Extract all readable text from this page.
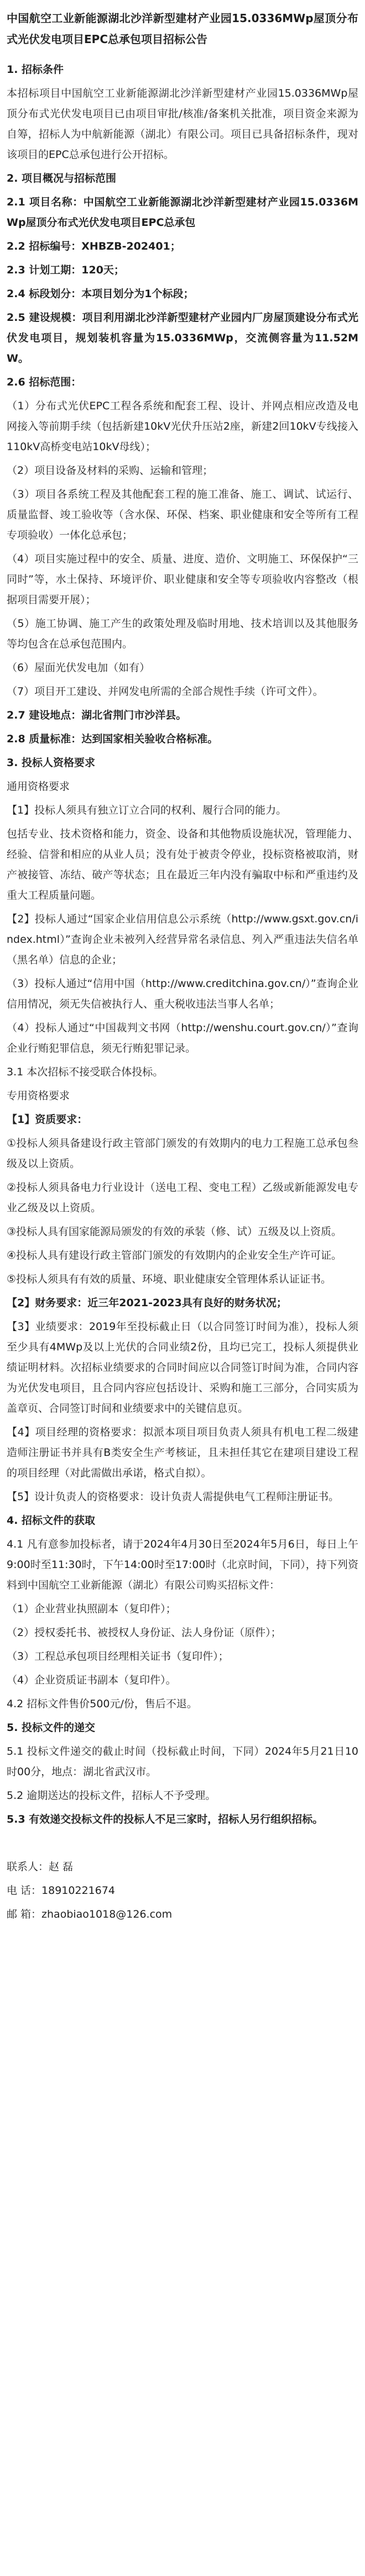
中国航空工业新能源湖北沙洋新型建材产业园15.0336MWp屋顶分布式光伏发电项目EPC总承包项目招标公告
1. 招标条件
本招标项目中国航空工业新能源湖北沙洋新型建材产业园15.0336MWp屋顶分布式光伏发电项目已由项目审批/核准/备案机关批准，项目资金来源为自筹，招标人为中航新能源（湖北）有限公司。项目已具备招标条件，现对该项目的EPC总承包进行公开招标。
2. 项目概况与招标范围
2.1 项目名称：中国航空工业新能源湖北沙洋新型建材产业园15.0336MWp屋顶分布式光伏发电项目EPC总承包
2.2 招标编号：XHBZB-202401；
2.3 计划工期：120天；
2.4 标段划分：本项目划分为1个标段；
2.5 建设规模：项目利用湖北沙洋新型建材产业园内厂房屋顶建设分布式光伏发电项目，规划装机容量为15.0336MWp，交流侧容量为11.52MW。
2.6 招标范围：
（1）分布式光伏EPC工程各系统和配套工程、设计、并网点相应改造及电网接入等前期手续（包括新建10kV光伏升压站2座，新建2回10kV专线接入110kV高桥变电站10kV母线）；
（2）项目设备及材料的采购、运输和管理；
（3）项目各系统工程及其他配套工程的施工准备、施工、调试、试运行、质量监督、竣工验收等（含水保、环保、档案、职业健康和安全等所有工程专项验收）一体化总承包；
（4）项目实施过程中的安全、质量、进度、造价、文明施工、环保保护“三同时”等，水土保持、环境评价、职业健康和安全等专项验收内容整改（根据项目需要开展）；
（5）施工协调、施工产生的政策处理及临时用地、技术培训以及其他服务等均包含在总承包范围内。
（6）屋面光伏发电加（如有）
（7）项目开工建设、并网发电所需的全部合规性手续（许可文件）。
2.7 建设地点：湖北省荆门市沙洋县。
2.8 质量标准：达到国家相关验收合格标准。
3. 投标人资格要求
通用资格要求
【1】投标人须具有独立订立合同的权利、履行合同的能力。
包括专业、技术资格和能力，资金、设备和其他物质设施状况，管理能力、经验、信誉和相应的从业人员；没有处于被责令停业，投标资格被取消，财产被接管、冻结、破产等状态；且在最近三年内没有骗取中标和严重违约及重大工程质量问题。
【2】投标人通过“国家企业信用信息公示系统（http://www.gsxt.gov.cn/index.html）”查询企业未被列入经营异常名录信息、列入严重违法失信名单（黑名单）信息的企业；
（3）投标人通过“信用中国（http://www.creditchina.gov.cn/）”查询企业信用情况，须无失信被执行人、重大税收违法当事人名单；
（4）投标人通过“中国裁判文书网（http://wenshu.court.gov.cn/）”查询企业行贿犯罪信息，须无行贿犯罪记录。
3.1 本次招标不接受联合体投标。
专用资格要求
【1】资质要求：
①投标人须具备建设行政主管部门颁发的有效期内的电力工程施工总承包叁级及以上资质。
②投标人须具备电力行业设计（送电工程、变电工程）乙级或新能源发电专业乙级及以上资质。
③投标人具有国家能源局颁发的有效的承装（修、试）五级及以上资质。
④投标人具有建设行政主管部门颁发的有效期内的企业安全生产许可证。
⑤投标人须具有有效的质量、环境、职业健康安全管理体系认证证书。
【2】财务要求：近三年2021-2023具有良好的财务状况；
【3】业绩要求：2019年至投标截止日（以合同签订时间为准），投标人须至少具有4MWp及以上光伏的合同业绩2份，且均已完工，投标人须提供业绩证明材料。次招标业绩要求的合同时间应以合同签订时间为准，合同内容为光伏发电项目，且合同内容应包括设计、采购和施工三部分，合同实质为盖章页、合同签订时间和业绩要求中的关键信息页。
【4】项目经理的资格要求：拟派本项目项目负责人须具有机电工程二级建造师注册证书并具有B类安全生产考核证，且未担任其它在建项目建设工程的项目经理（对此需做出承诺，格式自拟）。
【5】设计负责人的资格要求：设计负责人需提供电气工程师注册证书。
4. 招标文件的获取
4.1 凡有意参加投标者，请于2024年4月30日至2024年5月6日，每日上午9:00时至11:30时，下午14:00时至17:00时（北京时间，下同），持下列资料到中国航空工业新能源（湖北）有限公司购买招标文件：
（1）企业营业执照副本（复印件）；
（2）授权委托书、被授权人身份证、法人身份证（原件）；
（3）工程总承包项目经理相关证书（复印件）；
（4）企业资质证书副本（复印件）。
4.2 招标文件售价500元/份，售后不退。
5. 投标文件的递交
5.1 投标文件递交的截止时间（投标截止时间，下同）2024年5月21日10时00分，地点：湖北省武汉市。
5.2 逾期送达的投标文件，招标人不予受理。
5.3 有效递交投标文件的投标人不足三家时，招标人另行组织招标。
联系人：赵 磊
电 话：18910221674
邮 箱：zhaobiao1018@126.com
